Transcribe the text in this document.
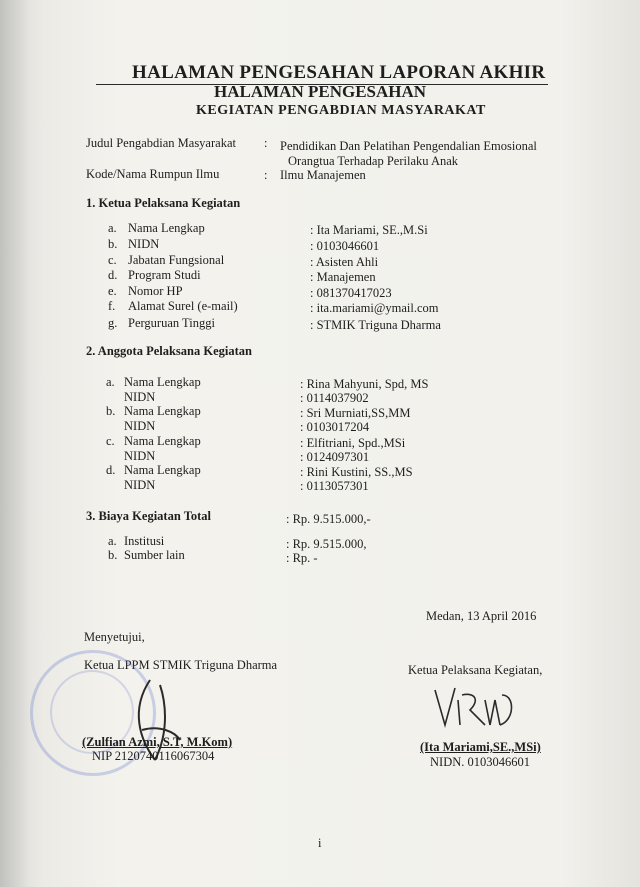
HALAMAN PENGESAHAN LAPORAN AKHIR
HALAMAN PENGESAHAN
KEGIATAN PENGABDIAN MASYARAKAT
Judul Pengabdian Masyarakat : Pendidikan Dan Pelatihan Pengendalian Emosional
Orangtua Terhadap Perilaku Anak
Kode/Nama Rumpun Ilmu	: Ilmu Manajemen
1. Ketua Pelaksana Kegiatan
a. Nama Lengkap	: Ita Mariami, SE.,M.Si
b. NIDN	: 0103046601
c. Jabatan Fungsional	: Asisten Ahli
d. Program Studi	: Manajemen
e. Nomor HP	: 081370417023
f. Alamat Surel (e-mail)	: ita.mariami@ymail.com
g. Perguruan Tinggi	: STMIK Triguna Dharma
2. Anggota Pelaksana Kegiatan
a. Nama Lengkap	: Rina Mahyuni, Spd, MS
NIDN	: 0114037902
b. Nama Lengkap	: Sri Murniati,SS,MM
NIDN	: 0103017204
c. Nama Lengkap	: Elfitriani, Spd.,MSi
NIDN	: 0124097301
d. Nama Lengkap	: Rini Kustini, SS.,MS
NIDN	: 0113057301
3. Biaya Kegiatan Total	: Rp. 9.515.000,-
a. Institusi	: Rp. 9.515.000,
b. Sumber lain	: Rp. -
Medan, 13 April 2016
Menyetujui,
Ketua LPPM STMIK Triguna Dharma	Ketua Pelaksana Kegiatan,
(Zulfian Azmi, S.T, M.Kom)
NIP 2120740116067304
(Ita Mariami,SE.,MSi)
NIDN. 0103046601
i
